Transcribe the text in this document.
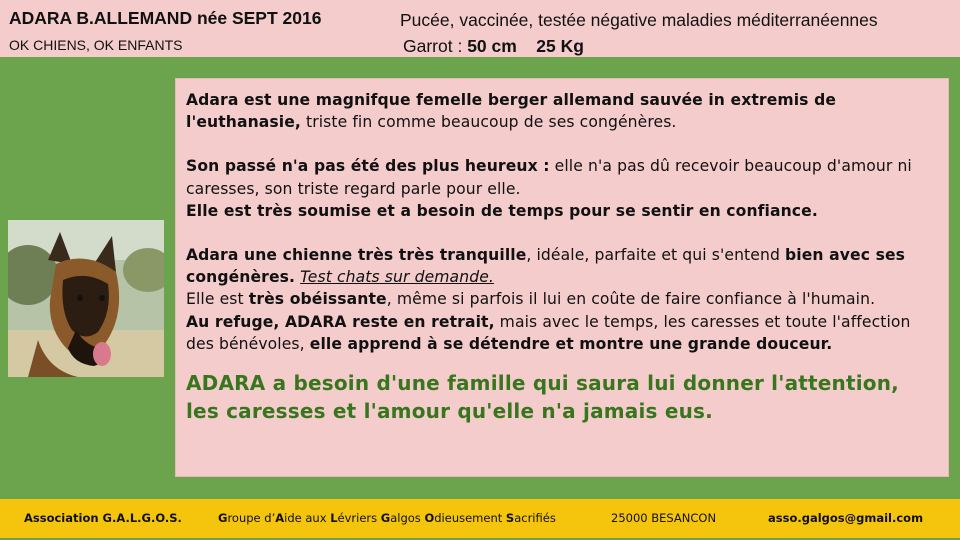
ADARA B.ALLEMAND née SEPT 2016
OK CHIENS, OK ENFANTS
Pucée, vaccinée, testée négative maladies méditerranéennes
Garrot : 50 cm 25 Kg

Adara est une magnifque femelle berger allemand sauvée in extremis de l'euthanasie, triste fin comme beaucoup de ses congénères.

Son passé n'a pas été des plus heureux : elle n'a pas dû recevoir beaucoup d'amour ni caresses, son triste regard parle pour elle.

Elle est très soumise et a besoin de temps pour se sentir en confiance.

Adara une chienne très très tranquille, idéale, parfaite et qui s'entend bien avec ses congénères. Test chats sur demande.

Elle est très obéissante, même si parfois il lui en coûte de faire confiance à l'humain.

Au refuge, ADARA reste en retrait, mais avec le temps, les caresses et toute l'affection des bénévoles, elle apprend à se détendre et montre une grande douceur.

ADARA a besoin d'une famille qui saura lui donner l'attention, les caresses et l'amour qu'elle n'a jamais eus.

Association G.A.L.G.O.S.	Groupe d’Aide aux Lévriers Galgos Odieusement Sacrifiés	25000 BESANCON	asso.galgos@gmail.com
